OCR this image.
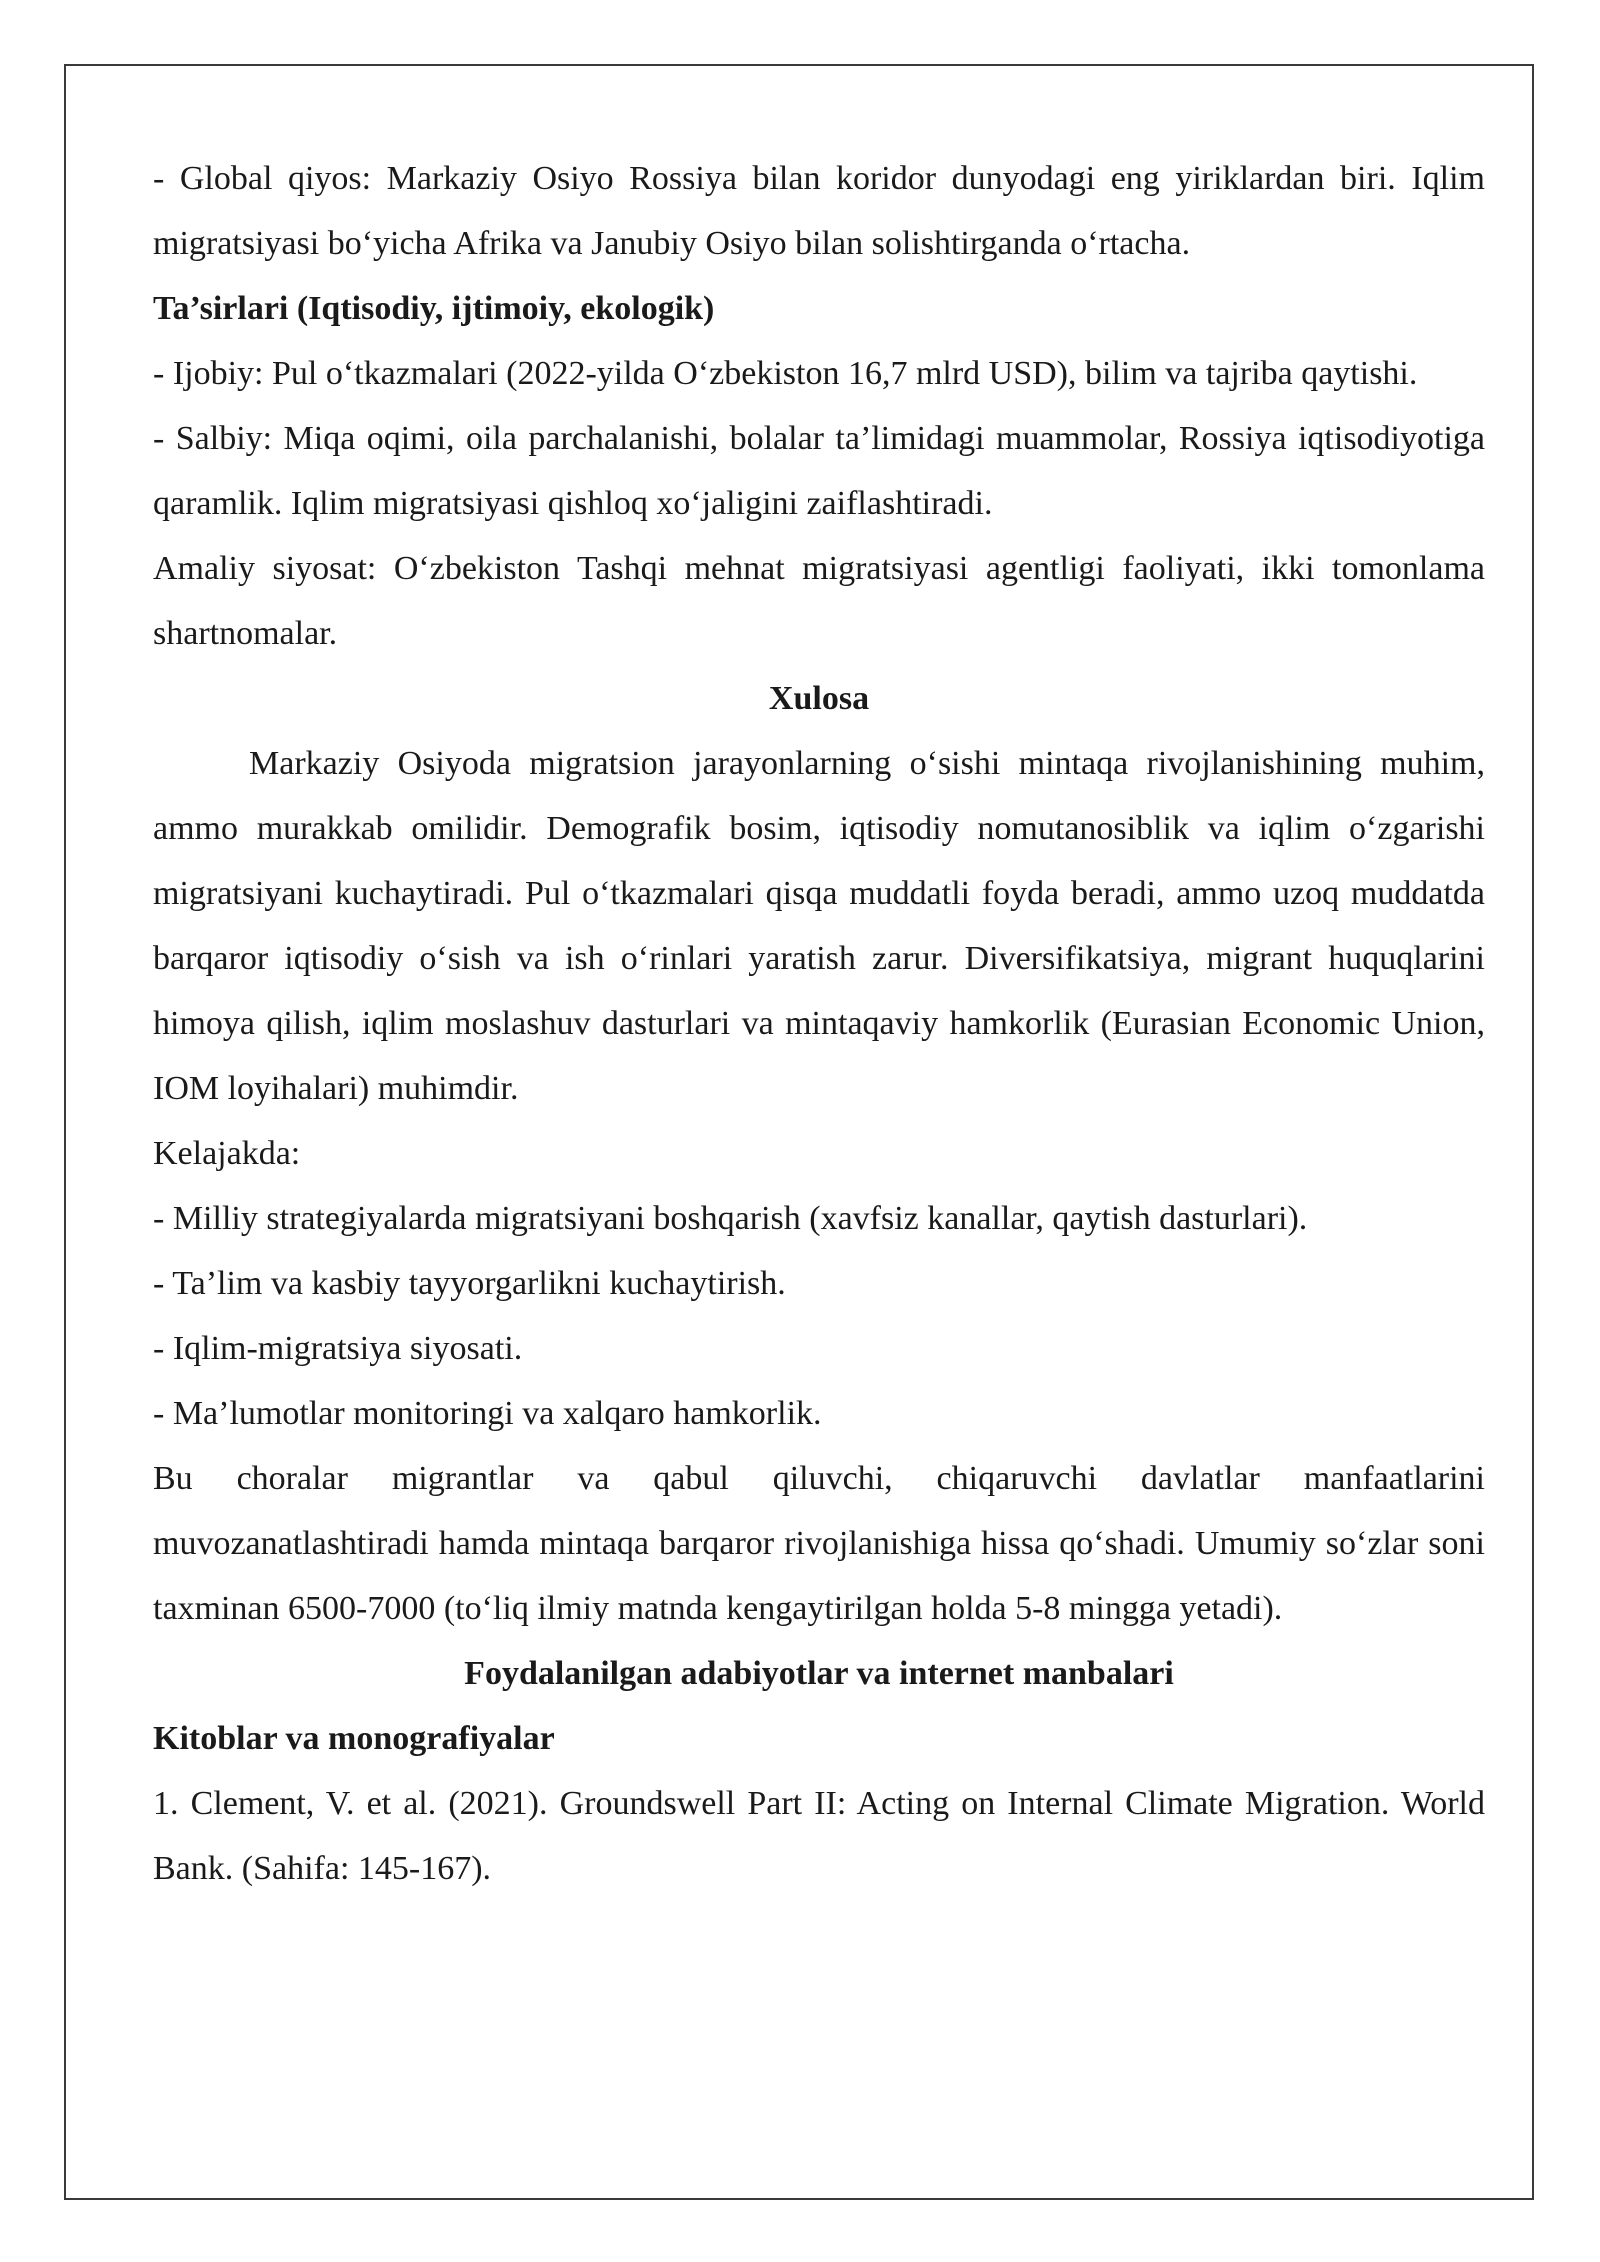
- Global qiyos: Markaziy Osiyo Rossiya bilan koridor dunyodagi eng yiriklardan biri. Iqlim migratsiyasi bo‘yicha Afrika va Janubiy Osiyo bilan solishtirganda o‘rtacha.

Ta’sirlari (Iqtisodiy, ijtimoiy, ekologik)

- Ijobiy: Pul o‘tkazmalari (2022-yilda O‘zbekiston 16,7 mlrd USD), bilim va tajriba qaytishi.

- Salbiy: Miqa oqimi, oila parchalanishi, bolalar ta’limidagi muammolar, Rossiya iqtisodiyotiga qaramlik. Iqlim migratsiyasi qishloq xo‘jaligini zaiflashtiradi.

Amaliy siyosat: O‘zbekiston Tashqi mehnat migratsiyasi agentligi faoliyati, ikki tomonlama shartnomalar.

Xulosa

Markaziy Osiyoda migratsion jarayonlarning o‘sishi mintaqa rivojlanishining muhim, ammo murakkab omilidir. Demografik bosim, iqtisodiy nomutanosiblik va iqlim o‘zgarishi migratsiyani kuchaytiradi. Pul o‘tkazmalari qisqa muddatli foyda beradi, ammo uzoq muddatda barqaror iqtisodiy o‘sish va ish o‘rinlari yaratish zarur. Diversifikatsiya, migrant huquqlarini himoya qilish, iqlim moslashuv dasturlari va mintaqaviy hamkorlik (Eurasian Economic Union, IOM loyihalari) muhimdir.

Kelajakda:

- Milliy strategiyalarda migratsiyani boshqarish (xavfsiz kanallar, qaytish dasturlari).

- Ta’lim va kasbiy tayyorgarlikni kuchaytirish.

- Iqlim-migratsiya siyosati.

- Ma’lumotlar monitoringi va xalqaro hamkorlik.

Bu choralar migrantlar va qabul qiluvchi, chiqaruvchi davlatlar manfaatlarini muvozanatlashtiradi hamda mintaqa barqaror rivojlanishiga hissa qo‘shadi. Umumiy so‘zlar soni taxminan 6500-7000 (to‘liq ilmiy matnda kengaytirilgan holda 5-8 mingga yetadi).

Foydalanilgan adabiyotlar va internet manbalari

Kitoblar va monografiyalar

1. Clement, V. et al. (2021). Groundswell Part II: Acting on Internal Climate Migration. World Bank. (Sahifa: 145-167).
